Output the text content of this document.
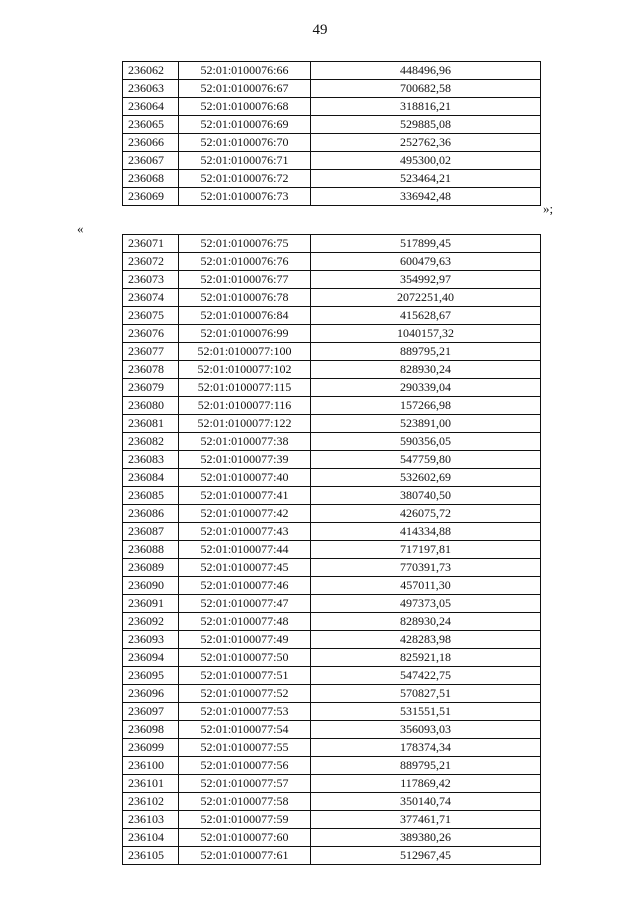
49
236062	52:01:0100076:66	448496,96
236063	52:01:0100076:67	700682,58
236064	52:01:0100076:68	318816,21
236065	52:01:0100076:69	529885,08
236066	52:01:0100076:70	252762,36
236067	52:01:0100076:71	495300,02
236068	52:01:0100076:72	523464,21
236069	52:01:0100076:73	336942,48
»;
«
236071	52:01:0100076:75	517899,45
236072	52:01:0100076:76	600479,63
236073	52:01:0100076:77	354992,97
236074	52:01:0100076:78	2072251,40
236075	52:01:0100076:84	415628,67
236076	52:01:0100076:99	1040157,32
236077	52:01:0100077:100	889795,21
236078	52:01:0100077:102	828930,24
236079	52:01:0100077:115	290339,04
236080	52:01:0100077:116	157266,98
236081	52:01:0100077:122	523891,00
236082	52:01:0100077:38	590356,05
236083	52:01:0100077:39	547759,80
236084	52:01:0100077:40	532602,69
236085	52:01:0100077:41	380740,50
236086	52:01:0100077:42	426075,72
236087	52:01:0100077:43	414334,88
236088	52:01:0100077:44	717197,81
236089	52:01:0100077:45	770391,73
236090	52:01:0100077:46	457011,30
236091	52:01:0100077:47	497373,05
236092	52:01:0100077:48	828930,24
236093	52:01:0100077:49	428283,98
236094	52:01:0100077:50	825921,18
236095	52:01:0100077:51	547422,75
236096	52:01:0100077:52	570827,51
236097	52:01:0100077:53	531551,51
236098	52:01:0100077:54	356093,03
236099	52:01:0100077:55	178374,34
236100	52:01:0100077:56	889795,21
236101	52:01:0100077:57	117869,42
236102	52:01:0100077:58	350140,74
236103	52:01:0100077:59	377461,71
236104	52:01:0100077:60	389380,26
236105	52:01:0100077:61	512967,45
